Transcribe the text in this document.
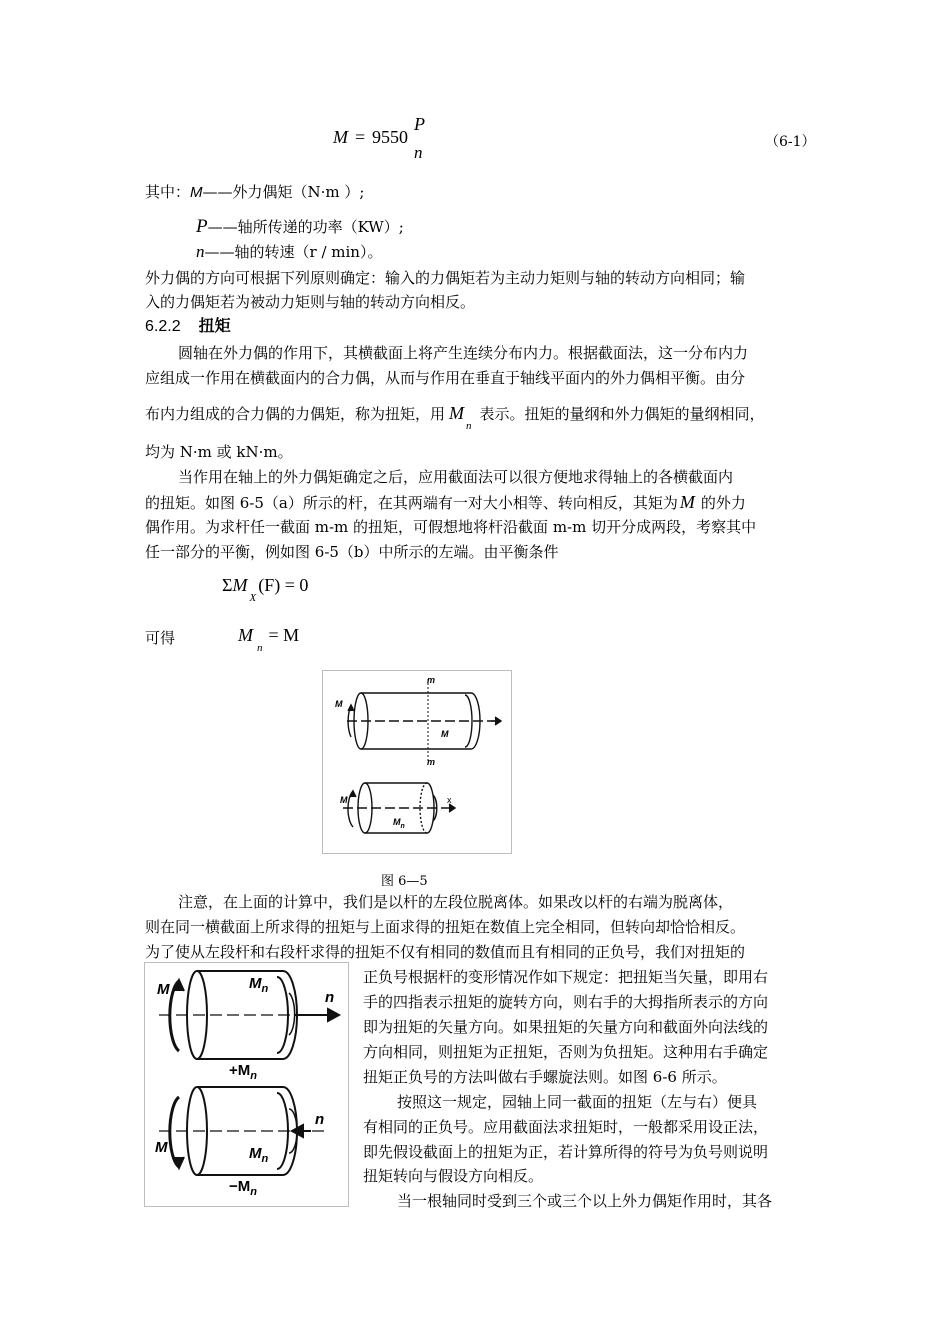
M = 9550
P
n
（6-1）
其中：M——外力偶矩（N·m ）;
P——轴所传递的功率（KW）;
n——轴的转速（r / min）。
外力偶的方向可根据下列原则确定：输入的力偶矩若为主动力矩则与轴的转动方向相同；输
入的力偶矩若为被动力矩则与轴的转动方向相反。
6.2.2 扭矩
圆轴在外力偶的作用下，其横截面上将产生连续分布内力。根据截面法，这一分布内力
应组成一作用在横截面内的合力偶，从而与作用在垂直于轴线平面内的外力偶相平衡。由分
布内力组成的合力偶的力偶矩，称为扭矩，用 $M_n$表示。扭矩的量纲和外力偶矩的量纲相同，
均为 N·m 或 kN·m。
当作用在轴上的外力偶矩确定之后，应用截面法可以很方便地求得轴上的各横截面内
的扭矩。如图 6-5（a）所示的杆，在其两端有一对大小相等、转向相反，其矩为 M 的外力
偶作用。为求杆任一截面 m-m 的扭矩，可假想地将杆沿截面 m-m 切开分成两段，考察其中
任一部分的平衡，例如图 6-5（b）中所示的左端。由平衡条件
$\Sigma M_X(F) = 0$
可得	$M_n= M$
M
m
M
m
M	x
$M_n$
图 6—5
注意，在上面的计算中，我们是以杆的左段位脱离体。如果改以杆的右端为脱离体，
则在同一横截面上所求得的扭矩与上面求得的扭矩在数值上完全相同，但转向却恰恰相反。
为了使从左段杆和右段杆求得的扭矩不仅有相同的数值而且有相同的正负号，我们对扭矩的
M	$M_n$	n
$+M_n$
n
M	$M_n$
$-M_n$
正负号根据杆的变形情况作如下规定：把扭矩当矢量，即用右
手的四指表示扭矩的旋转方向，则右手的大拇指所表示的方向
即为扭矩的矢量方向。如果扭矩的矢量方向和截面外向法线的
方向相同，则扭矩为正扭矩，否则为负扭矩。这种用右手确定
扭矩正负号的方法叫做右手螺旋法则。如图 6-6 所示。
按照这一规定，园轴上同一截面的扭矩（左与右）便具
有相同的正负号。应用截面法求扭矩时，一般都采用设正法，
即先假设截面上的扭矩为正，若计算所得的符号为负号则说明
扭矩转向与假设方向相反。
当一根轴同时受到三个或三个以上外力偶矩作用时，其各
